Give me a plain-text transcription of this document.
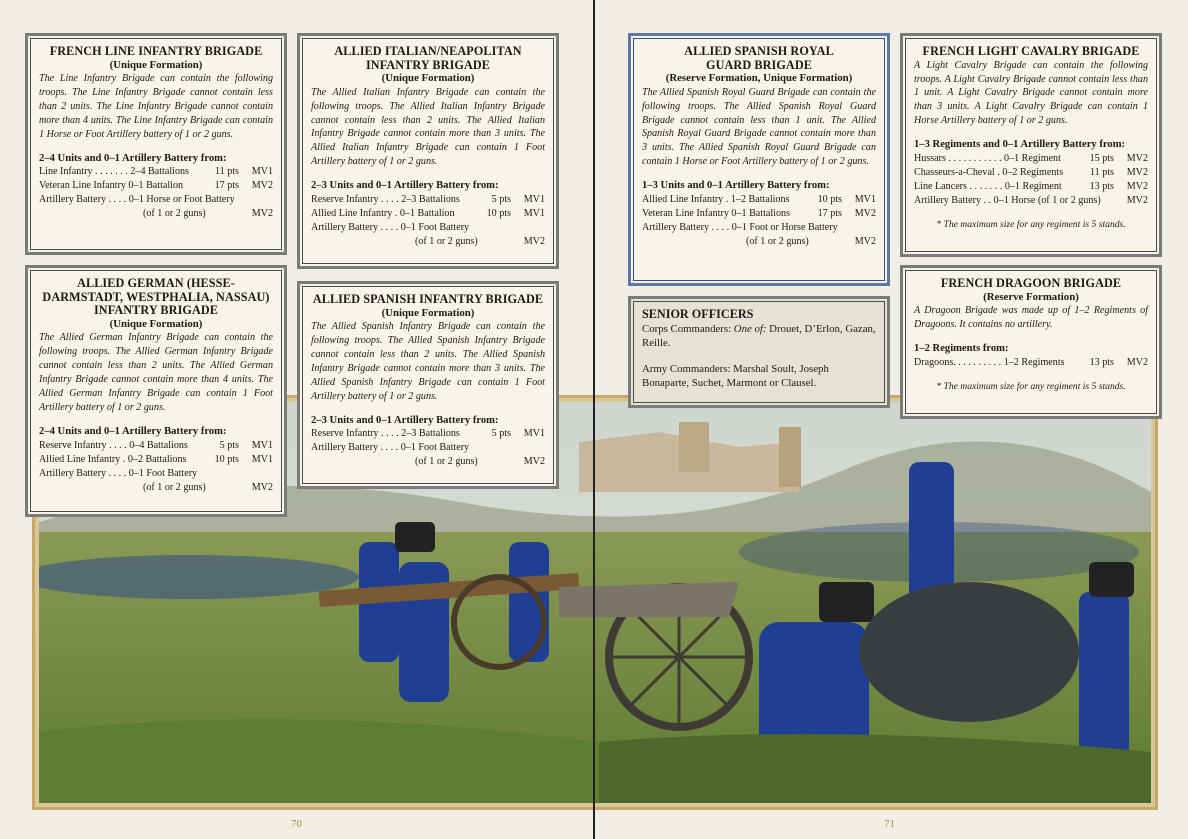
FRENCH LINE INFANTRY BRIGADE
(Unique Formation)
The Line Infantry Brigade can contain the following troops. The Line Infantry Brigade cannot contain less than 2 units. The Line Infantry Brigade cannot contain more than 4 units. The Line Infantry Brigade can contain 1 Horse or Foot Artillery battery of 1 or 2 guns.
2–4 Units and 0–1 Artillery Battery from:
Line Infantry . . . . . . . 2–4 Battalions	11 pts	MV1
Veteran Line Infantry 0–1 Battalion	17 pts	MV2
Artillery Battery . . . . 0–1 Horse or Foot Battery
(of 1 or 2 guns)	MV2
ALLIED ITALIAN/NEAPOLITAN INFANTRY BRIGADE
(Unique Formation)
The Allied Italian Infantry Brigade can contain the following troops. The Allied Italian Infantry Brigade cannot contain less than 2 units. The Allied Italian Infantry Brigade cannot contain more than 3 units. The Allied Italian Infantry Brigade can contain 1 Foot Artillery battery of 1 or 2 guns.
2–3 Units and 0–1 Artillery Battery from:
Reserve Infantry . . . . 2–3 Battalions	5 pts	MV1
Allied Line Infantry . 0–1 Battalion	10 pts	MV1
Artillery Battery . . . . 0–1 Foot Battery
(of 1 or 2 guns)	MV2
ALLIED GERMAN (HESSE-DARMSTADT, WESTPHALIA, NASSAU) INFANTRY BRIGADE
(Unique Formation)
The Allied German Infantry Brigade can contain the following troops. The Allied German Infantry Brigade cannot contain less than 2 units. The Allied German Infantry Brigade cannot contain more than 4 units. The Allied German Infantry Brigade can contain 1 Foot Artillery battery of 1 or 2 guns.
2–4 Units and 0–1 Artillery Battery from:
Reserve Infantry . . . . 0–4 Battalions	5 pts	MV1
Allied Line Infantry . 0–2 Battalions	10 pts	MV1
Artillery Battery . . . . 0–1 Foot Battery
(of 1 or 2 guns)	MV2
ALLIED SPANISH INFANTRY BRIGADE
(Unique Formation)
The Allied Spanish Infantry Brigade can contain the following troops. The Allied Spanish Infantry Brigade cannot contain less than 2 units. The Allied Spanish Infantry Brigade cannot contain more than 3 units. The Allied Spanish Infantry Brigade can contain 1 Foot Artillery battery of 1 or 2 guns.
2–3 Units and 0–1 Artillery Battery from:
Reserve Infantry . . . . 2–3 Battalions	5 pts	MV1
Artillery Battery . . . . 0–1 Foot Battery
(of 1 or 2 guns)	MV2
ALLIED SPANISH ROYAL GUARD BRIGADE
(Reserve Formation, Unique Formation)
The Allied Spanish Royal Guard Brigade can contain the following troops. The Allied Spanish Royal Guard Brigade cannot contain less than 1 unit. The Allied Spanish Royal Guard Brigade cannot contain more than 3 units. The Allied Spanish Royal Guard Brigade can contain 1 Horse or Foot Artillery battery of 1 or 2 guns.
1–3 Units and 0–1 Artillery Battery from:
Allied Line Infantry . 1–2 Battalions	10 pts	MV1
Veteran Line Infantry 0–1 Battalions	17 pts	MV2
Artillery Battery . . . . 0–1 Foot or Horse Battery
(of 1 or 2 guns)	MV2
SENIOR OFFICERS

Corps Commanders: One of: Drouet, D’Erlon, Gazan, Reille.

Army Commanders: Marshal Soult, Joseph Bonaparte, Suchet, Marmont or Clausel.

FRENCH LIGHT CAVALRY BRIGADE
A Light Cavalry Brigade can contain the following troops. A Light Cavalry Brigade cannot contain less than 1 unit. A Light Cavalry Brigade cannot contain more than 3 units. A Light Cavalry Brigade can contain 1 Horse Artillery battery of 1 or 2 guns.
1–3 Regiments and 0–1 Artillery Battery from:
Hussars . . . . . . . . . . . 0–1 Regiment	15 pts	MV2
Chasseurs-a-Cheval . 0–2 Regiments	11 pts	MV2
Line Lancers . . . . . . . 0–1 Regiment	13 pts	MV2
Artillery Battery . . 0–1 Horse (of 1 or 2 guns)	MV2
* The maximum size for any regiment is 5 stands.
FRENCH DRAGOON BRIGADE
(Reserve Formation)
A Dragoon Brigade was made up of 1–2 Regiments of Dragoons. It contains no artillery.
1–2 Regiments from:
Dragoons. . . . . . . . . . 1–2 Regiments	13 pts	MV2
* The maximum size for any regiment is 5 stands.
70	71
